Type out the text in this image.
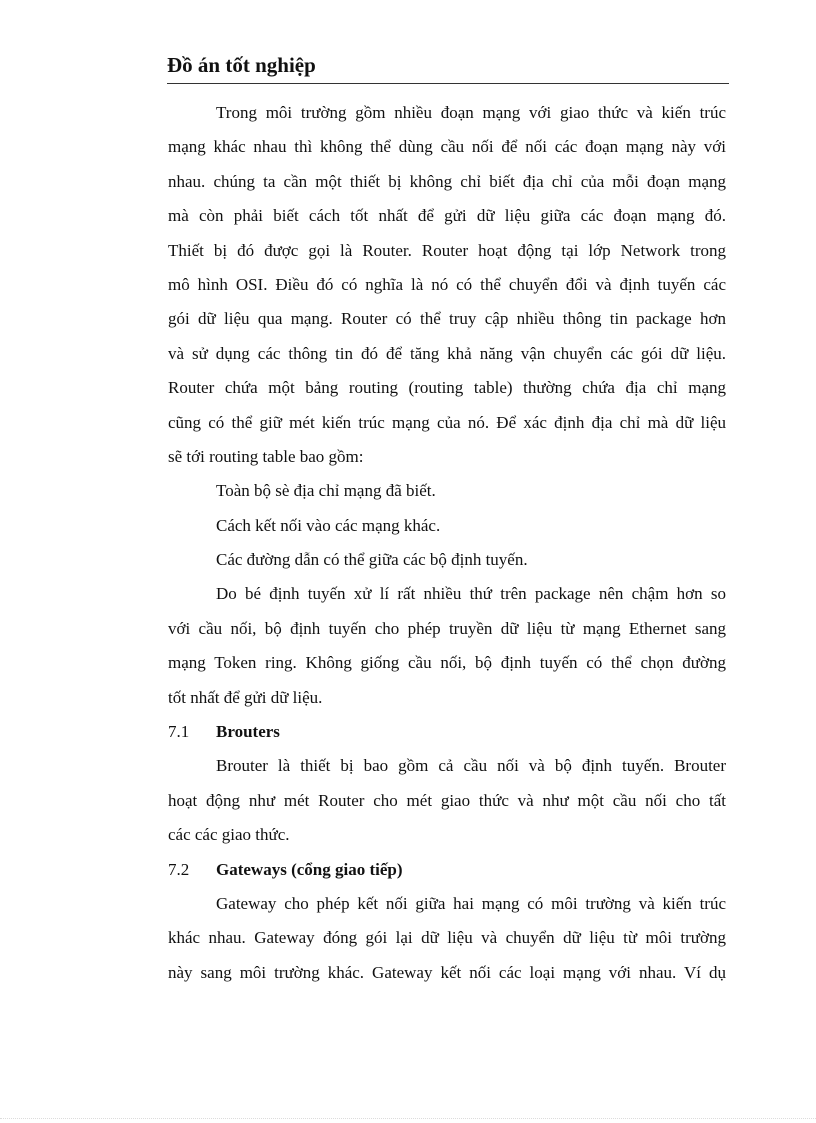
Đồ án tốt nghiệp
Trong môi trường gồm nhiều đoạn mạng với giao thức và kiến trúc
mạng khác nhau thì không thể dùng cầu nối để nối các đoạn mạng này với
nhau. chúng ta cần một thiết bị không chỉ biết địa chỉ của mỗi đoạn mạng
mà còn phải biết cách tốt nhất để gửi dữ liệu giữa các đoạn mạng đó.
Thiết bị đó được gọi là Router. Router hoạt động tại lớp Network trong
mô hình OSI. Điều đó có nghĩa là nó có thể chuyển đổi và định tuyến các
gói dữ liệu qua mạng. Router có thể truy cập nhiều thông tin package hơn
và sử dụng các thông tin đó để tăng khả năng vận chuyển các gói dữ liệu.
Router chứa một bảng routing (routing table) thường chứa địa chỉ mạng
cũng có thể giữ mét kiến trúc mạng của nó. Để xác định địa chỉ mà dữ liệu
sẽ tới routing table bao gồm:
Toàn bộ sè địa chỉ mạng đã biết.
Cách kết nối vào các mạng khác.
Các đường dẫn có thể giữa các bộ định tuyến.
Do bé định tuyến xử lí rất nhiều thứ trên package nên chậm hơn so
với cầu nối, bộ định tuyến cho phép truyền dữ liệu từ mạng Ethernet sang
mạng Token ring. Không giống cầu nối, bộ định tuyến có thể chọn đường
tốt nhất để gửi dữ liệu.
7.1	Brouters
Brouter là thiết bị bao gồm cả cầu nối và bộ định tuyến. Brouter
hoạt động như mét Router cho mét giao thức và như một cầu nối cho tất
các các giao thức.
7.2	Gateways (cổng giao tiếp)
Gateway cho phép kết nối giữa hai mạng có môi trường và kiến trúc
khác nhau. Gateway đóng gói lại dữ liệu và chuyển dữ liệu từ môi trường
này sang môi trường khác. Gateway kết nối các loại mạng với nhau. Ví dụ
